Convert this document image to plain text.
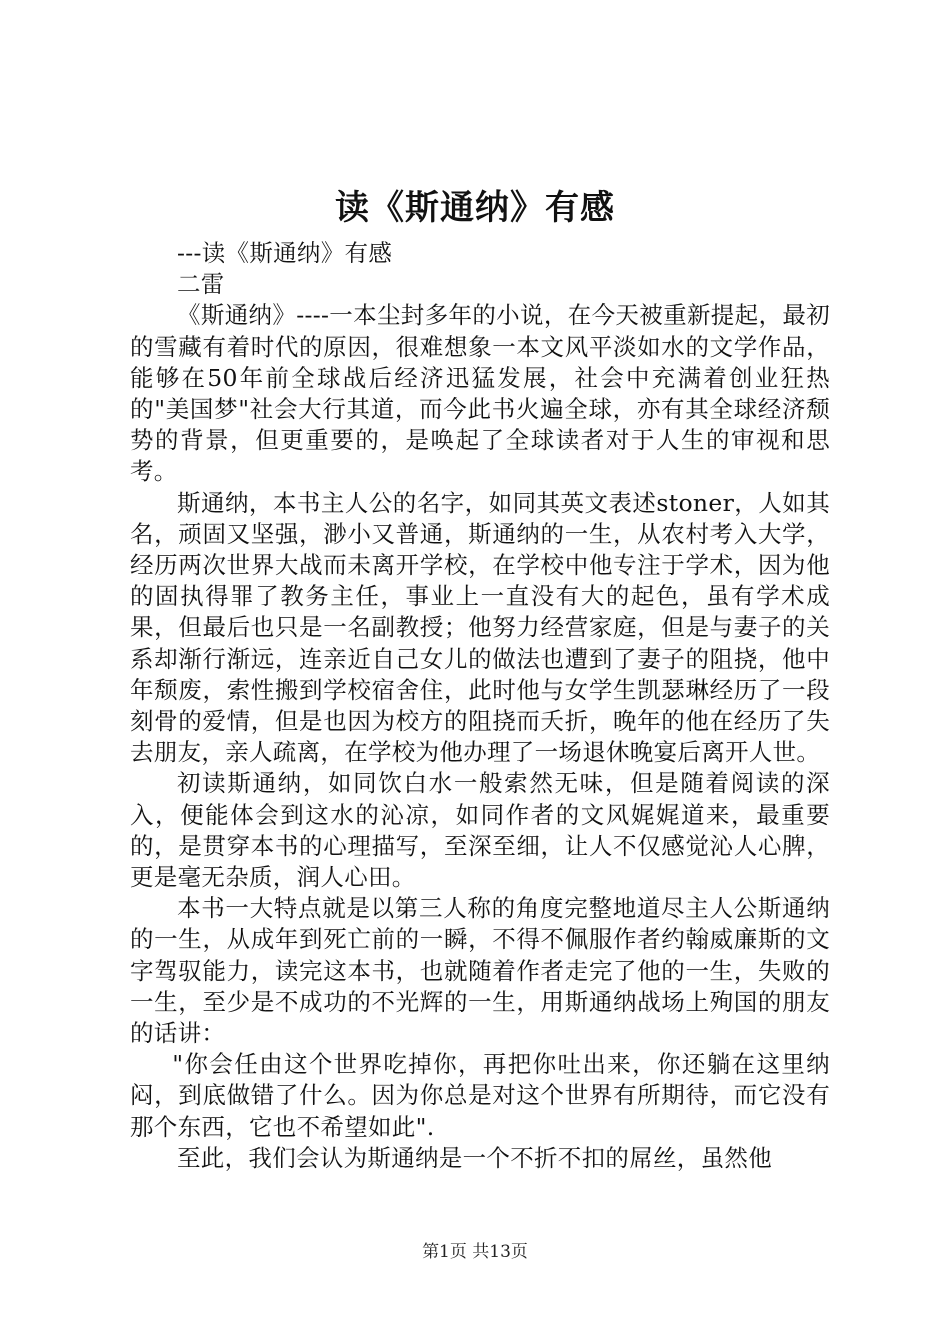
读《斯通纳》有感

---读《斯通纳》有感

二雷

《斯通纳》----一本尘封多年的小说，在今天被重新提起，最初的雪藏有着时代的原因，很难想象一本文风平淡如水的文学作品，能够在50年前全球战后经济迅猛发展，社会中充满着创业狂热的"美国梦"社会大行其道，而今此书火遍全球，亦有其全球经济颓势的背景，但更重要的，是唤起了全球读者对于人生的审视和思考。

斯通纳，本书主人公的名字，如同其英文表述stoner，人如其名，顽固又坚强，渺小又普通，斯通纳的一生，从农村考入大学，经历两次世界大战而未离开学校，在学校中他专注于学术，因为他的固执得罪了教务主任，事业上一直没有大的起色，虽有学术成果，但最后也只是一名副教授；他努力经营家庭，但是与妻子的关系却渐行渐远，连亲近自己女儿的做法也遭到了妻子的阻挠，他中年颓废，索性搬到学校宿舍住，此时他与女学生凯瑟琳经历了一段刻骨的爱情，但是也因为校方的阻挠而夭折，晚年的他在经历了失去朋友，亲人疏离，在学校为他办理了一场退休晚宴后离开人世。

初读斯通纳，如同饮白水一般索然无味，但是随着阅读的深入，便能体会到这水的沁凉，如同作者的文风娓娓道来，最重要的，是贯穿本书的心理描写，至深至细，让人不仅感觉沁人心脾，更是毫无杂质，润人心田。

本书一大特点就是以第三人称的角度完整地道尽主人公斯通纳的一生，从成年到死亡前的一瞬，不得不佩服作者约翰威廉斯的文字驾驭能力，读完这本书，也就随着作者走完了他的一生，失败的一生，至少是不成功的不光辉的一生，用斯通纳战场上殉国的朋友的话讲：

"你会任由这个世界吃掉你，再把你吐出来，你还躺在这里纳闷，到底做错了什么。因为你总是对这个世界有所期待，而它没有那个东西，它也不希望如此".

至此，我们会认为斯通纳是一个不折不扣的屌丝，虽然他

第1页 共13页
